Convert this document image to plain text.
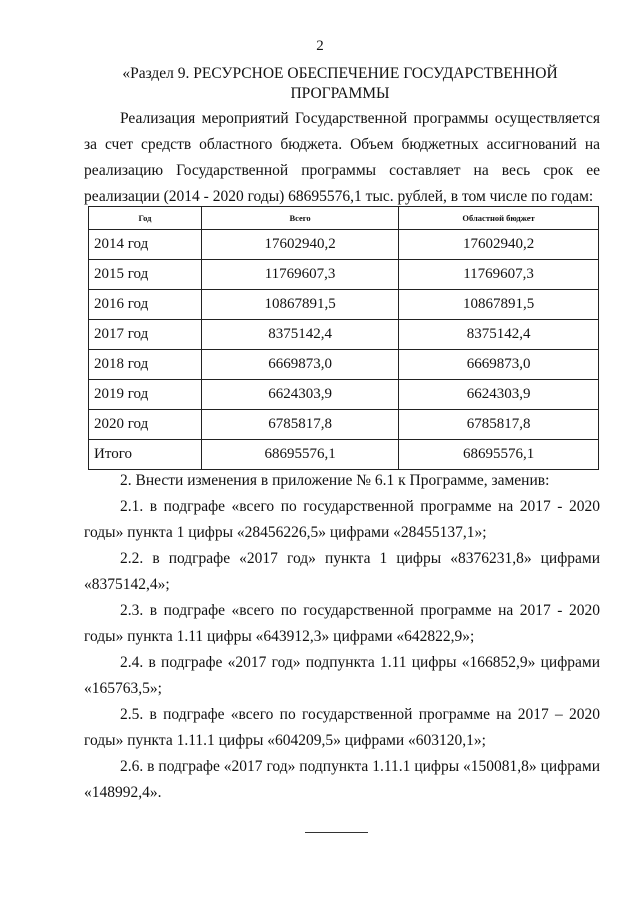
2
«Раздел 9. РЕСУРСНОЕ ОБЕСПЕЧЕНИЕ ГОСУДАРСТВЕННОЙ ПРОГРАММЫ
Реализация мероприятий Государственной программы осуществляется за счет средств областного бюджета. Объем бюджетных ассигнований на реализацию Государственной программы составляет на весь срок ее реализации (2014 - 2020 годы) 68695576,1 тыс. рублей, в том числе по годам:
Год	Всего	Областной бюджет
2014 год	17602940,2	17602940,2
2015 год	11769607,3	11769607,3
2016 год	10867891,5	10867891,5
2017 год	8375142,4	8375142,4
2018 год	6669873,0	6669873,0
2019 год	6624303,9	6624303,9
2020 год	6785817,8	6785817,8
Итого	68695576,1	68695576,1

2. Внести изменения в приложение № 6.1 к Программе, заменив:

2.1. в подграфе «всего по государственной программе на 2017 - 2020 годы» пункта 1 цифры «28456226,5» цифрами «28455137,1»;

2.2. в подграфе «2017 год» пункта 1 цифры «8376231,8» цифрами «8375142,4»;

2.3. в подграфе «всего по государственной программе на 2017 - 2020 годы» пункта 1.11 цифры «643912,3» цифрами «642822,9»;

2.4. в подграфе «2017 год» подпункта 1.11 цифры «166852,9» цифрами «165763,5»;

2.5. в подграфе «всего по государственной программе на 2017 – 2020 годы» пункта 1.11.1 цифры «604209,5» цифрами «603120,1»;

2.6. в подграфе «2017 год» подпункта 1.11.1 цифры «150081,8» цифрами «148992,4».
